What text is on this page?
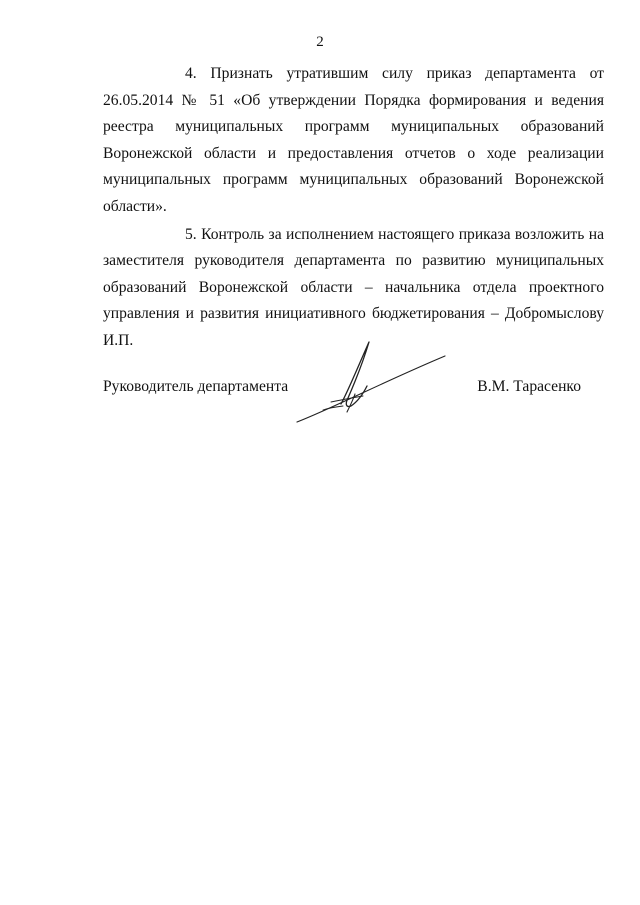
2

4. Признать утратившим силу приказ департамента от 26.05.2014 № 51 «Об утверждении Порядка формирования и ведения реестра муниципальных программ муниципальных образований Воронежской области и предоставления отчетов о ходе реализации муниципальных программ муниципальных образований Воронежской области».

5. Контроль за исполнением настоящего приказа возложить на заместителя руководителя департамента по развитию муниципальных образований Воронежской области – начальника отдела проектного управления и развития инициативного бюджетирования – Добромыслову И.П.

Руководитель департамента	В.М. Тарасенко
